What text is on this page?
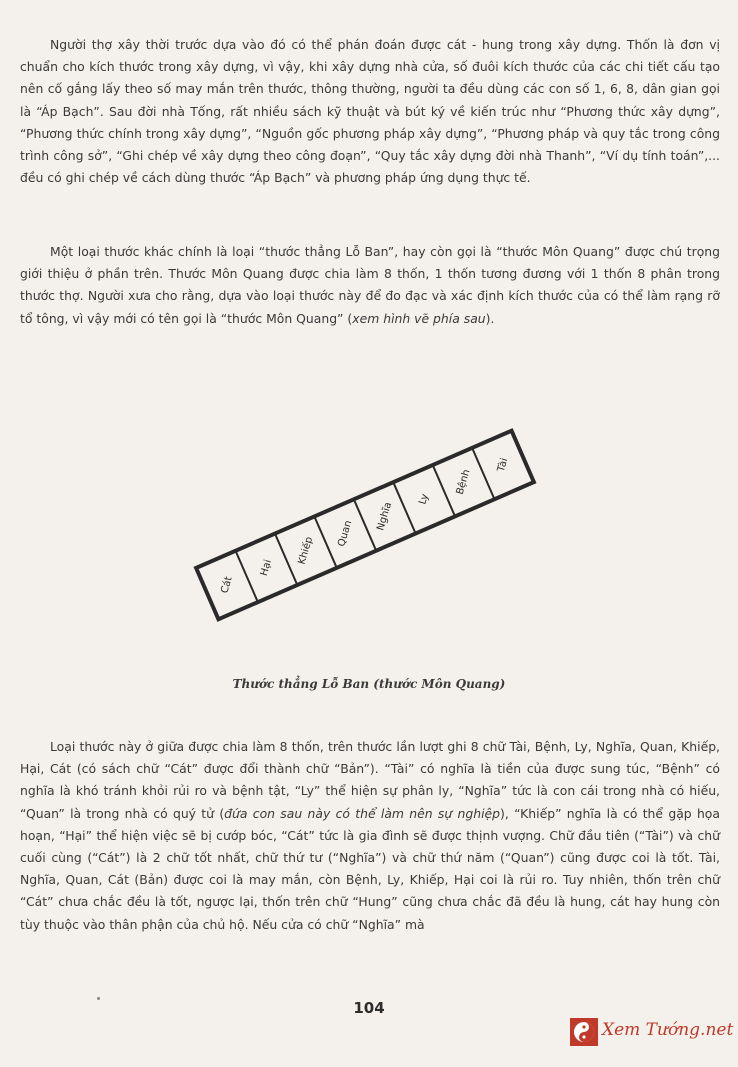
Người thợ xây thời trước dựa vào đó có thể phán đoán được cát - hung trong xây dựng. Thốn là đơn vị chuẩn cho kích thước trong xây dựng, vì vậy, khi xây dựng nhà cửa, số đuôi kích thước của các chi tiết cấu tạo nên cố gắng lấy theo số may mắn trên thước, thông thường, người ta đều dùng các con số 1, 6, 8, dân gian gọi là “Áp Bạch”. Sau đời nhà Tống, rất nhiều sách kỹ thuật và bút ký về kiến trúc như “Phương thức xây dựng”, “Phương thức chính trong xây dựng”, “Nguồn gốc phương pháp xây dựng”, “Phương pháp và quy tắc trong công trình công sở”, “Ghi chép về xây dựng theo công đoạn”, “Quy tắc xây dựng đời nhà Thanh”, “Ví dụ tính toán”,... đều có ghi chép về cách dùng thước “Áp Bạch” và phương pháp ứng dụng thực tế.

Một loại thước khác chính là loại “thước thẳng Lỗ Ban”, hay còn gọi là “thước Môn Quang” được chú trọng giới thiệu ở phần trên. Thước Môn Quang được chia làm 8 thốn, 1 thốn tương đương với 1 thốn 8 phân trong thước thợ. Người xưa cho rằng, dựa vào loại thước này để đo đạc và xác định kích thước của có thể làm rạng rỡ tổ tông, vì vậy mới có tên gọi là “thước Môn Quang” (xem hình vẽ phía sau).

Cát
Hại
Khiếp
Quan
Nghĩa
Ly
Bệnh
Tài
Thước thẳng Lỗ Ban (thước Môn Quang)

Loại thước này ở giữa được chia làm 8 thốn, trên thước lần lượt ghi 8 chữ Tài, Bệnh, Ly, Nghĩa, Quan, Khiếp, Hại, Cát (có sách chữ “Cát” được đổi thành chữ “Bản”). “Tài” có nghĩa là tiền của được sung túc, “Bệnh” có nghĩa là khó tránh khỏi rủi ro và bệnh tật, “Ly” thể hiện sự phân ly, “Nghĩa” tức là con cái trong nhà có hiếu, “Quan” là trong nhà có quý tử (đứa con sau này có thể làm nên sự nghiệp), “Khiếp” nghĩa là có thể gặp họa hoạn, “Hại” thể hiện việc sẽ bị cướp bóc, “Cát” tức là gia đình sẽ được thịnh vượng. Chữ đầu tiên (“Tài”) và chữ cuối cùng (“Cát”) là 2 chữ tốt nhất, chữ thứ tư (“Nghĩa”) và chữ thứ năm (“Quan”) cũng được coi là tốt. Tài, Nghĩa, Quan, Cát (Bản) được coi là may mắn, còn Bệnh, Ly, Khiếp, Hại coi là rủi ro. Tuy nhiên, thốn trên chữ “Cát” chưa chắc đều là tốt, ngược lại, thốn trên chữ “Hung” cũng chưa chắc đã đều là hung, cát hay hung còn tùy thuộc vào thân phận của chủ hộ. Nếu cửa có chữ “Nghĩa” mà

104
Xem Tướng.net
